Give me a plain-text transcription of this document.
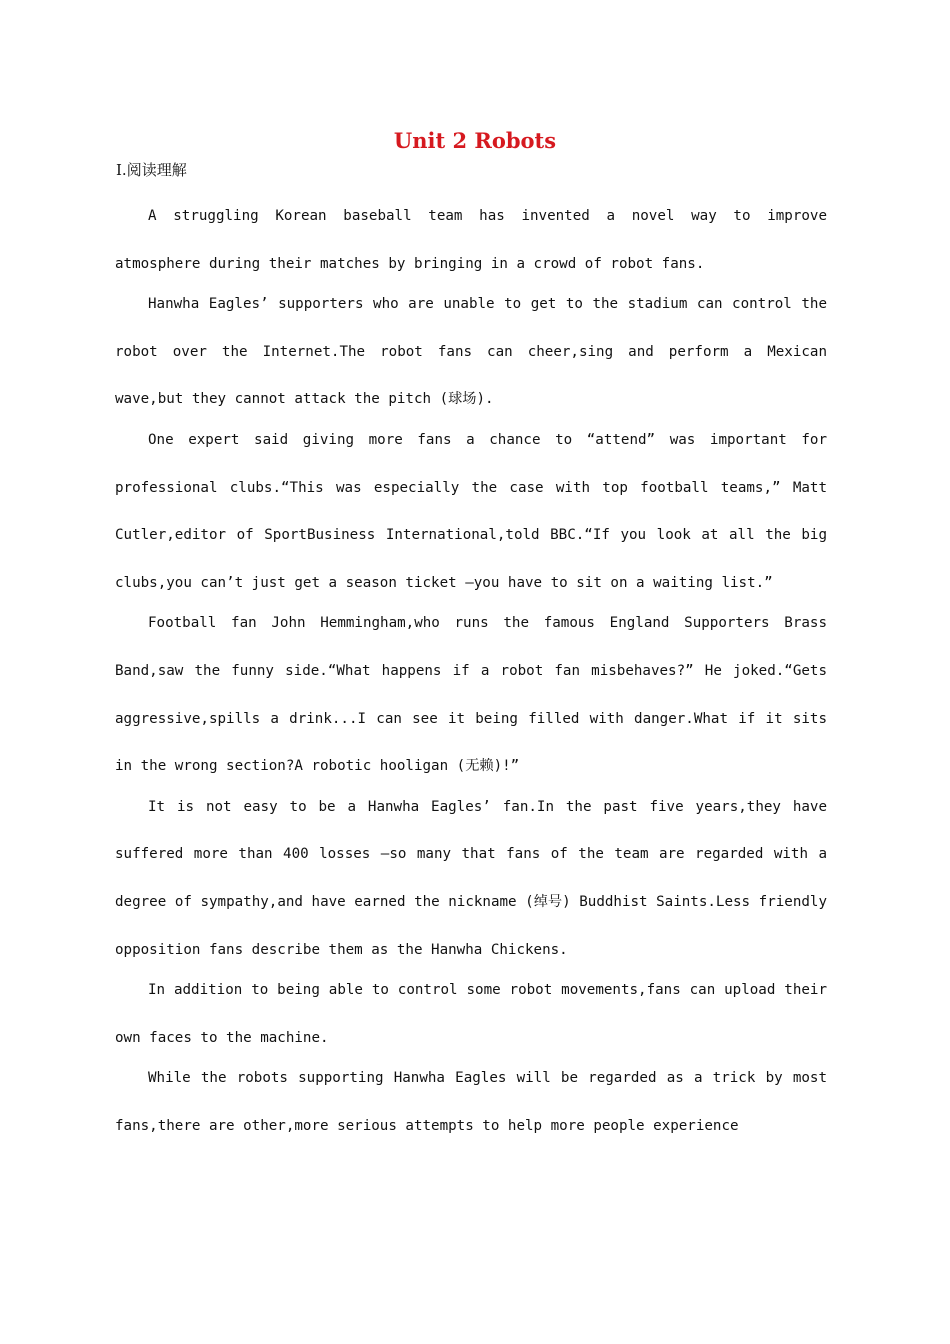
Unit 2 Robots
Ⅰ.阅读理解

A struggling Korean baseball team has invented a novel way to improve atmosphere during their matches by bringing in a crowd of robot fans.

Hanwha Eagles’ supporters who are unable to get to the stadium can control the robot over the Internet.The robot fans can cheer,sing and perform a Mexican wave,but they cannot attack the pitch (球场).

One expert said giving more fans a chance to “attend” was important for professional clubs.“This was especially the case with top football teams,” Matt Cutler,editor of SportBusiness International,told BBC.“If you look at all the big clubs,you can’t just get a season ticket —you have to sit on a waiting list.”

Football fan John Hemmingham,who runs the famous England Supporters Brass Band,saw the funny side.“What happens if a robot fan misbehaves?” He joked.“Gets aggressive,spills a drink...I can see it being filled with danger.What if it sits in the wrong section?A robotic hooligan (无赖)!”

It is not easy to be a Hanwha Eagles’ fan.In the past five years,they have suffered more than 400 losses —so many that fans of the team are regarded with a degree of sympathy,and have earned the nickname (绰号) Buddhist Saints.Less friendly opposition fans describe them as the Hanwha Chickens.

In addition to being able to control some robot movements,fans can upload their own faces to the machine.

While the robots supporting Hanwha Eagles will be regarded as a trick by most fans,there are other,more serious attempts to help more people experience
